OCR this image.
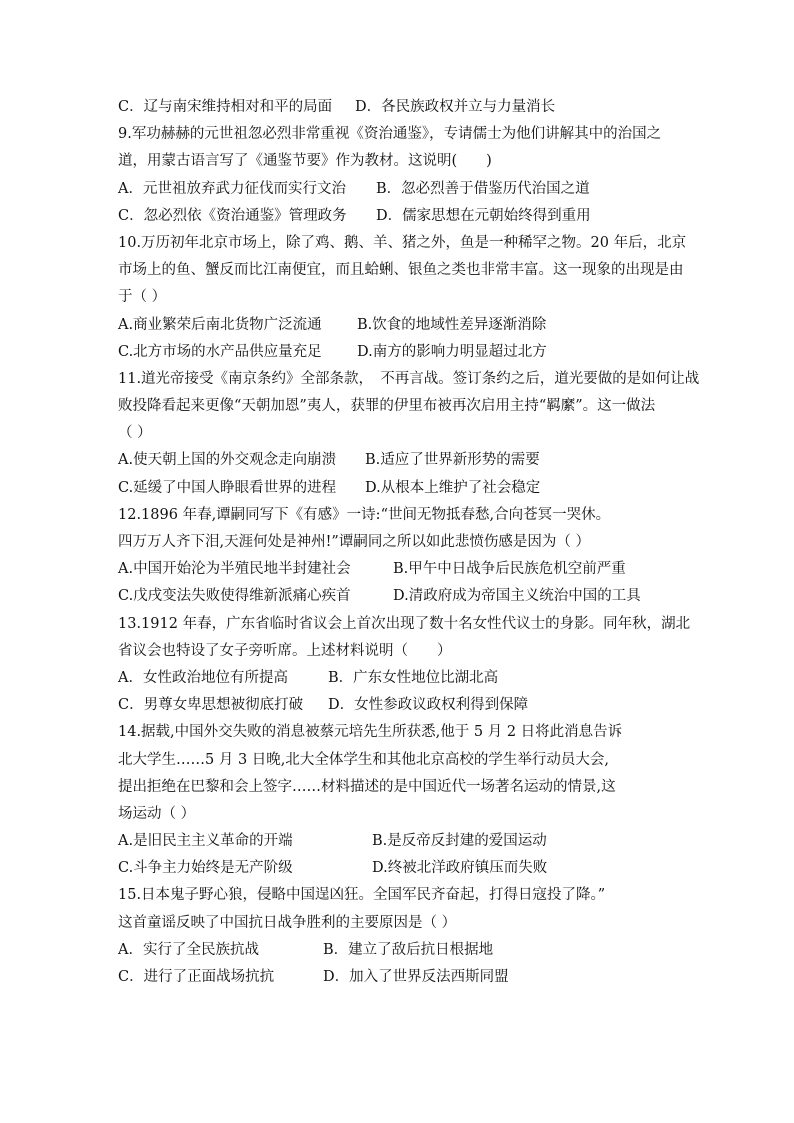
C．辽与南宋维持相对和平的局面	D．各民族政权并立与力量消长
9.军功赫赫的元世祖忽必烈非常重视《资治通鉴》，专请儒士为他们讲解其中的治国之
道，用蒙古语言写了《通鉴节要》作为教材。这说明(　　)
A．元世祖放弃武力征伐而实行文治	B．忽必烈善于借鉴历代治国之道
C．忽必烈依《资治通鉴》管理政务	D．儒家思想在元朝始终得到重用
10.万历初年北京市场上，除了鸡、鹅、羊、猪之外，鱼是一种稀罕之物。20 年后，北京
市场上的鱼、蟹反而比江南便宜，而且蛤蜊、银鱼之类也非常丰富。这一现象的出现是由
于（ ）
A.商业繁荣后南北货物广泛流通	B.饮食的地域性差异逐渐消除
C.北方市场的水产品供应量充足	D.南方的影响力明显超过北方
11.道光帝接受《南京条约》全部条款，　不再言战。签订条约之后，道光要做的是如何让战
败投降看起来更像“天朝加恩”夷人，获罪的伊里布被再次启用主持“羁縻”。这一做法
（ ）
A.使天朝上国的外交观念走向崩溃	B.适应了世界新形势的需要
C.延缓了中国人睁眼看世界的进程	D.从根本上维护了社会稳定
12.1896 年春,谭嗣同写下《有感》一诗:“世间无物抵春愁,合向苍冥一哭休。
四万万人齐下泪,天涯何处是神州!”谭嗣同之所以如此悲愤伤感是因为（ ）
A.中国开始沦为半殖民地半封建社会	B.甲午中日战争后民族危机空前严重
C.戊戌变法失败使得维新派痛心疾首	D.清政府成为帝国主义统治中国的工具
13.1912 年春，广东省临时省议会上首次出现了数十名女性代议士的身影。同年秋，湖北
省议会也特设了女子旁听席。上述材料说明（　　）
A．女性政治地位有所提高	B．广东女性地位比湖北高
C．男尊女卑思想被彻底打破	D．女性参政议政权利得到保障
14.据载,中国外交失败的消息被蔡元培先生所获悉,他于 5 月 2 日将此消息告诉
北大学生……5 月 3 日晚,北大全体学生和其他北京高校的学生举行动员大会,
提出拒绝在巴黎和会上签字……材料描述的是中国近代一场著名运动的情景,这
场运动（ ）
A.是旧民主主义革命的开端	B.是反帝反封建的爱国运动
C.斗争主力始终是无产阶级	D.终被北洋政府镇压而失败
15.日本鬼子野心狼，侵略中国逞凶狂。全国军民齐奋起，打得日寇投了降。”
这首童谣反映了中国抗日战争胜利的主要原因是（ ）
A．实行了全民族抗战	B．建立了敌后抗日根据地
C．进行了正面战场抗抗	D．加入了世界反法西斯同盟
